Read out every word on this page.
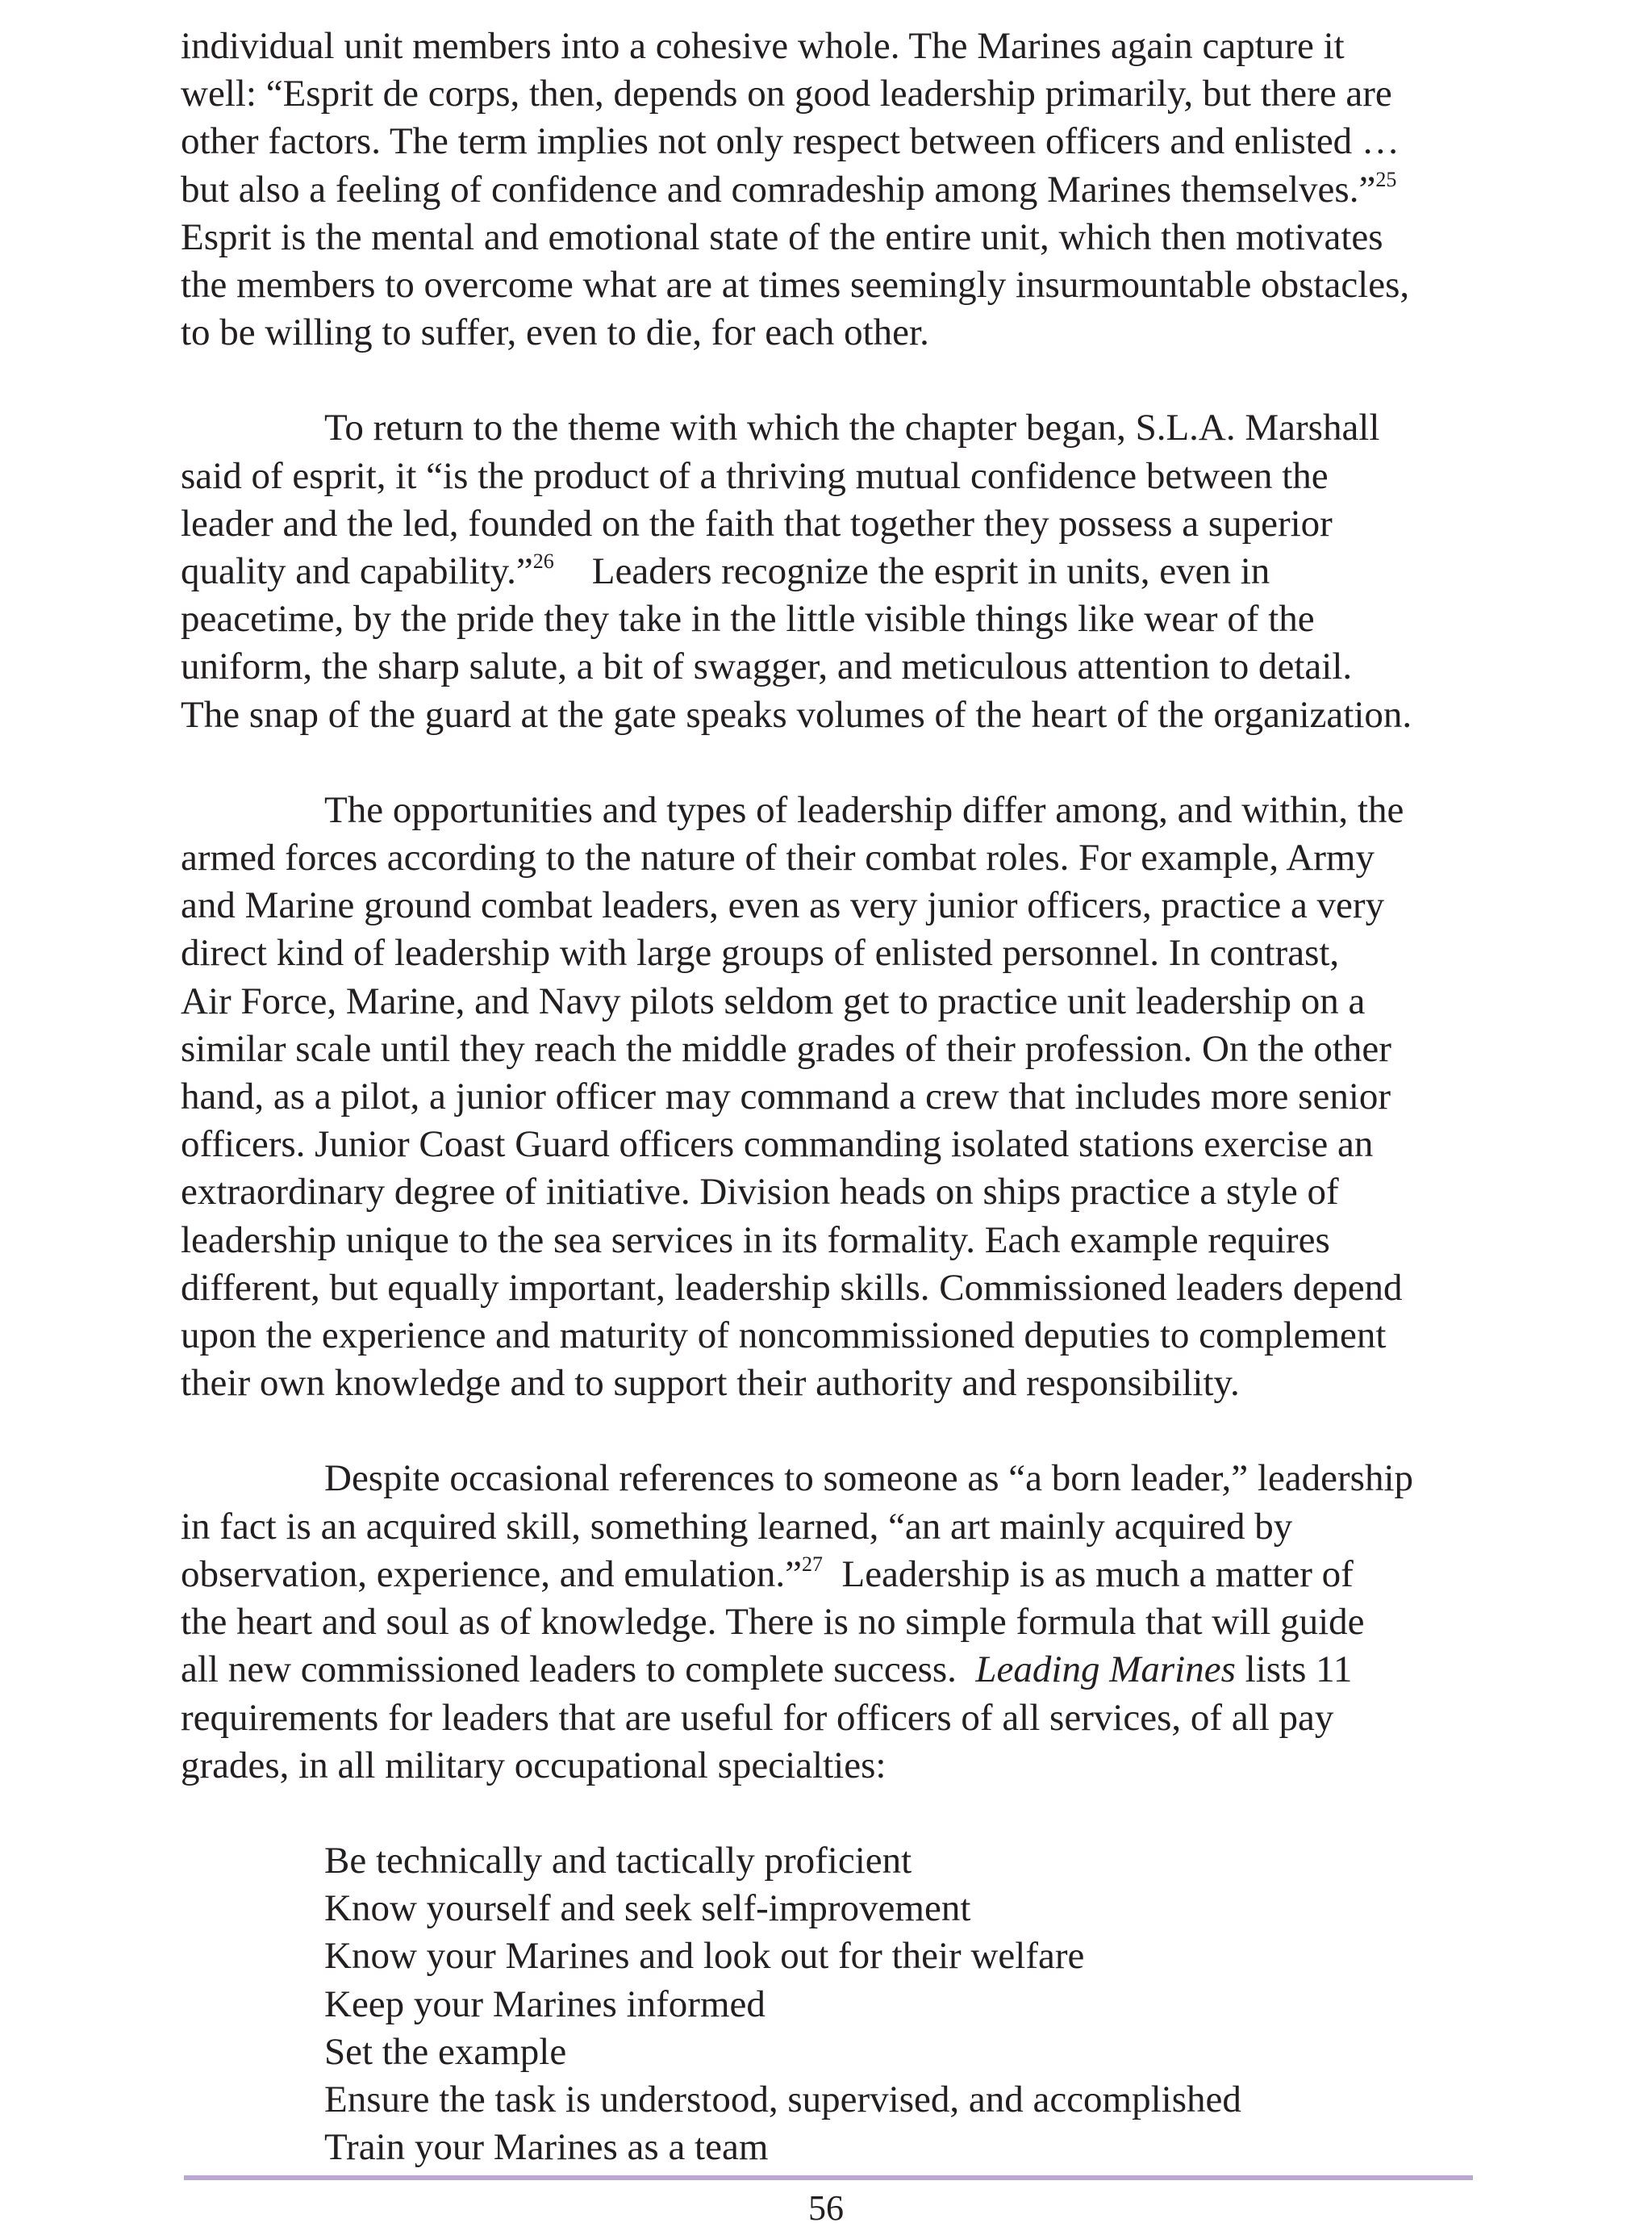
individual unit members into a cohesive whole. The Marines again capture it
well: “Esprit de corps, then, depends on good leadership primarily, but there are
other factors. The term implies not only respect between officers and enlisted …
but also a feeling of confidence and comradeship among Marines themselves.”$^{25}$
Esprit is the mental and emotional state of the entire unit, which then motivates
the members to overcome what are at times seemingly insurmountable obstacles,
to be willing to suffer, even to die, for each other.

To return to the theme with which the chapter began, S.L.A. Marshall
said of esprit, it “is the product of a thriving mutual confidence between the
leader and the led, founded on the faith that together they possess a superior
quality and capability.”$^{26}$    Leaders recognize the esprit in units, even in
peacetime, by the pride they take in the little visible things like wear of the
uniform, the sharp salute, a bit of swagger, and meticulous attention to detail.
The snap of the guard at the gate speaks volumes of the heart of the organization.

The opportunities and types of leadership differ among, and within, the
armed forces according to the nature of their combat roles. For example, Army
and Marine ground combat leaders, even as very junior officers, practice a very
direct kind of leadership with large groups of enlisted personnel. In contrast,
Air Force, Marine, and Navy pilots seldom get to practice unit leadership on a
similar scale until they reach the middle grades of their profession. On the other
hand, as a pilot, a junior officer may command a crew that includes more senior
officers. Junior Coast Guard officers commanding isolated stations exercise an
extraordinary degree of initiative. Division heads on ships practice a style of
leadership unique to the sea services in its formality. Each example requires
different, but equally important, leadership skills. Commissioned leaders depend
upon the experience and maturity of noncommissioned deputies to complement
their own knowledge and to support their authority and responsibility.

Despite occasional references to someone as “a born leader,” leadership
in fact is an acquired skill, something learned, “an art mainly acquired by
observation, experience, and emulation.”$^{27}$  Leadership is as much a matter of
the heart and soul as of knowledge. There is no simple formula that will guide
all new commissioned leaders to complete success.  Leading Marines lists 11
requirements for leaders that are useful for officers of all services, of all pay
grades, in all military occupational specialties:

Be technically and tactically proficient
Know yourself and seek self-improvement
Know your Marines and look out for their welfare
Keep your Marines informed
Set the example
Ensure the task is understood, supervised, and accomplished
Train your Marines as a team
56
